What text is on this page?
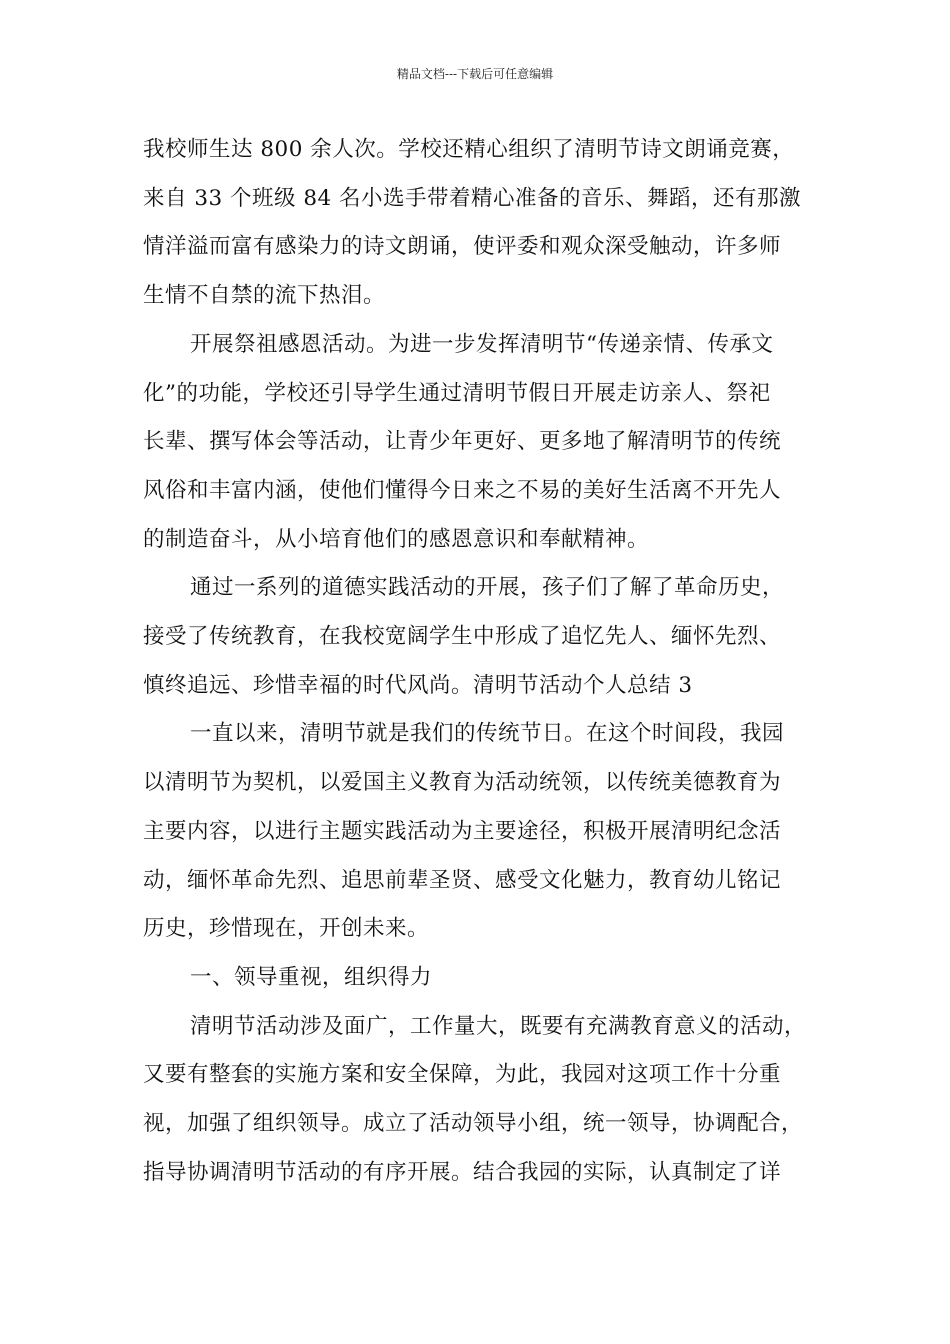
精品文档---下载后可任意编辑

我校师生达 800 余人次。学校还精心组织了清明节诗文朗诵竞赛，

来自 33 个班级 84 名小选手带着精心准备的音乐、舞蹈，还有那激

情洋溢而富有感染力的诗文朗诵，使评委和观众深受触动，许多师

生情不自禁的流下热泪。

开展祭祖感恩活动。为进一步发挥清明节“传递亲情、传承文

化”的功能，学校还引导学生通过清明节假日开展走访亲人、祭祀

长辈、撰写体会等活动，让青少年更好、更多地了解清明节的传统

风俗和丰富内涵，使他们懂得今日来之不易的美好生活离不开先人

的制造奋斗，从小培育他们的感恩意识和奉献精神。

通过一系列的道德实践活动的开展，孩子们了解了革命历史，

接受了传统教育，在我校宽阔学生中形成了追忆先人、缅怀先烈、

慎终追远、珍惜幸福的时代风尚。清明节活动个人总结 3

一直以来，清明节就是我们的传统节日。在这个时间段，我园

以清明节为契机，以爱国主义教育为活动统领，以传统美德教育为

主要内容，以进行主题实践活动为主要途径，积极开展清明纪念活

动，缅怀革命先烈、追思前辈圣贤、感受文化魅力，教育幼儿铭记

历史，珍惜现在，开创未来。

一、领导重视，组织得力

清明节活动涉及面广，工作量大，既要有充满教育意义的活动，

又要有整套的实施方案和安全保障，为此，我园对这项工作十分重

视，加强了组织领导。成立了活动领导小组，统一领导，协调配合，

指导协调清明节活动的有序开展。结合我园的实际，认真制定了详
